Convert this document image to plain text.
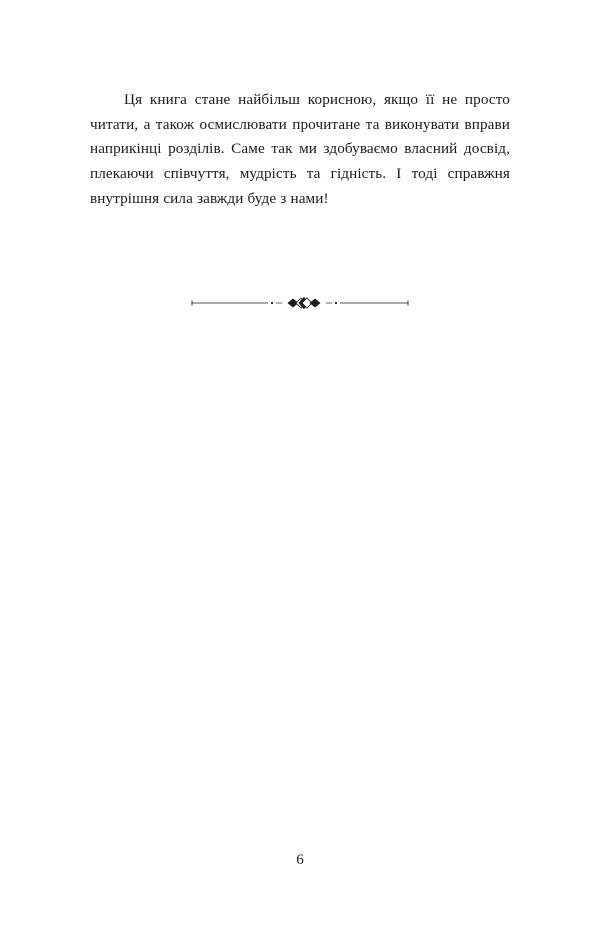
Ця книга стане найбільш корисною, якщо її не просто читати, а також осмислювати прочитане та виконувати вправи наприкінці розділів. Саме так ми здобуваємо власний досвід, плекаючи співчуття, мудрість та гідність. І тоді справжня внутрішня сила завжди буде з нами!

6
